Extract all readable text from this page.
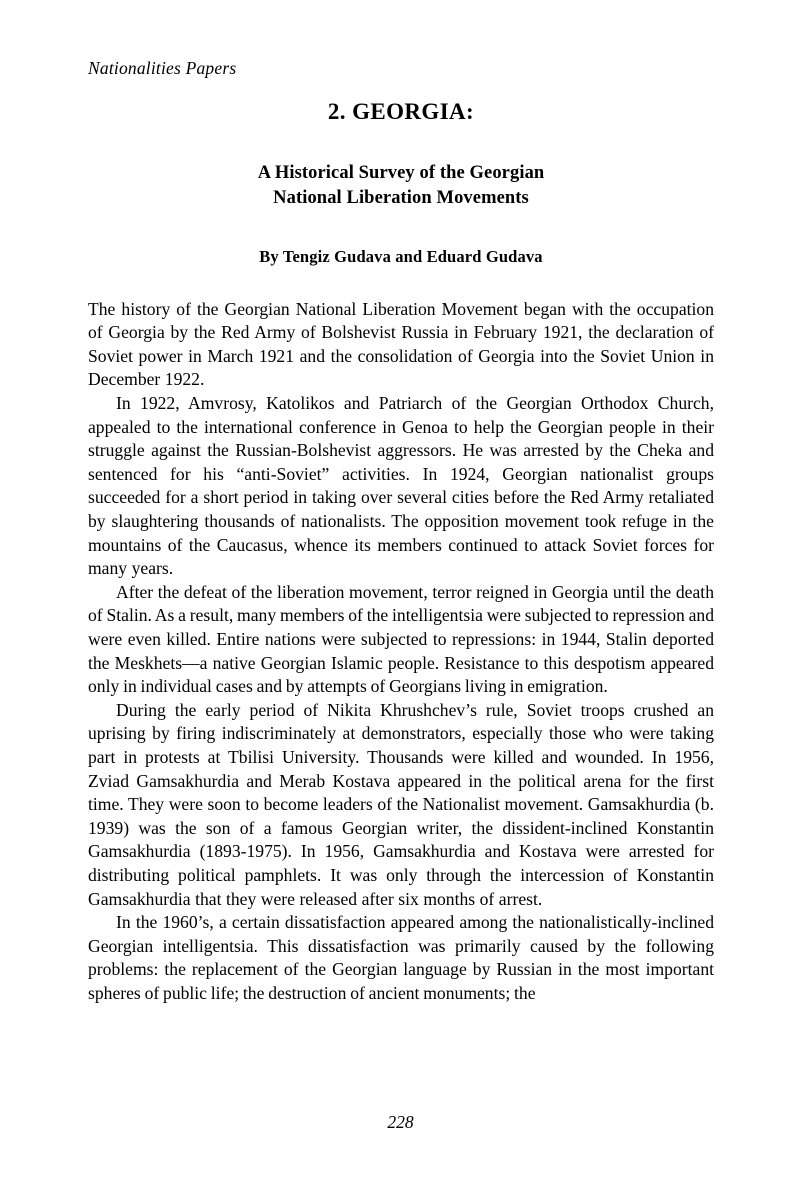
Nationalities Papers
2. GEORGIA:
A Historical Survey of the Georgian
National Liberation Movements
By Tengiz Gudava and Eduard Gudava

The history of the Georgian National Liberation Movement began with the occupation of Georgia by the Red Army of Bolshevist Russia in February 1921, the declaration of Soviet power in March 1921 and the consolidation of Georgia into the Soviet Union in December 1922.

In 1922, Amvrosy, Katolikos and Patriarch of the Georgian Orthodox Church, appealed to the international conference in Genoa to help the Georgian people in their struggle against the Russian-Bolshevist aggressors. He was arrested by the Cheka and sentenced for his “anti-Soviet” activities. In 1924, Georgian nationalist groups succeeded for a short period in taking over several cities before the Red Army retaliated by slaughtering thousands of nationalists. The opposition movement took refuge in the mountains of the Caucasus, whence its members continued to attack Soviet forces for many years.

After the defeat of the liberation movement, terror reigned in Georgia until the death of Stalin. As a result, many members of the intelligentsia were subjected to repression and were even killed. Entire nations were subjected to repressions: in 1944, Stalin deported the Meskhets—a native Georgian Islamic people. Resistance to this despotism appeared only in individual cases and by attempts of Georgians living in emigration.

During the early period of Nikita Khrushchev’s rule, Soviet troops crushed an uprising by firing indiscriminately at demonstrators, especially those who were taking part in protests at Tbilisi University. Thousands were killed and wounded. In 1956, Zviad Gamsakhurdia and Merab Kostava appeared in the political arena for the first time. They were soon to become leaders of the Nationalist movement. Gamsakhurdia (b. 1939) was the son of a famous Georgian writer, the dissident-inclined Konstantin Gamsakhurdia (1893-1975). In 1956, Gamsakhurdia and Kostava were arrested for distributing political pamphlets. It was only through the intercession of Konstantin Gamsakhurdia that they were released after six months of arrest.

In the 1960’s, a certain dissatisfaction appeared among the nationalistically-inclined Georgian intelligentsia. This dissatisfaction was primarily caused by the following problems: the replacement of the Georgian language by Russian in the most important spheres of public life; the destruction of ancient monuments; the

228
